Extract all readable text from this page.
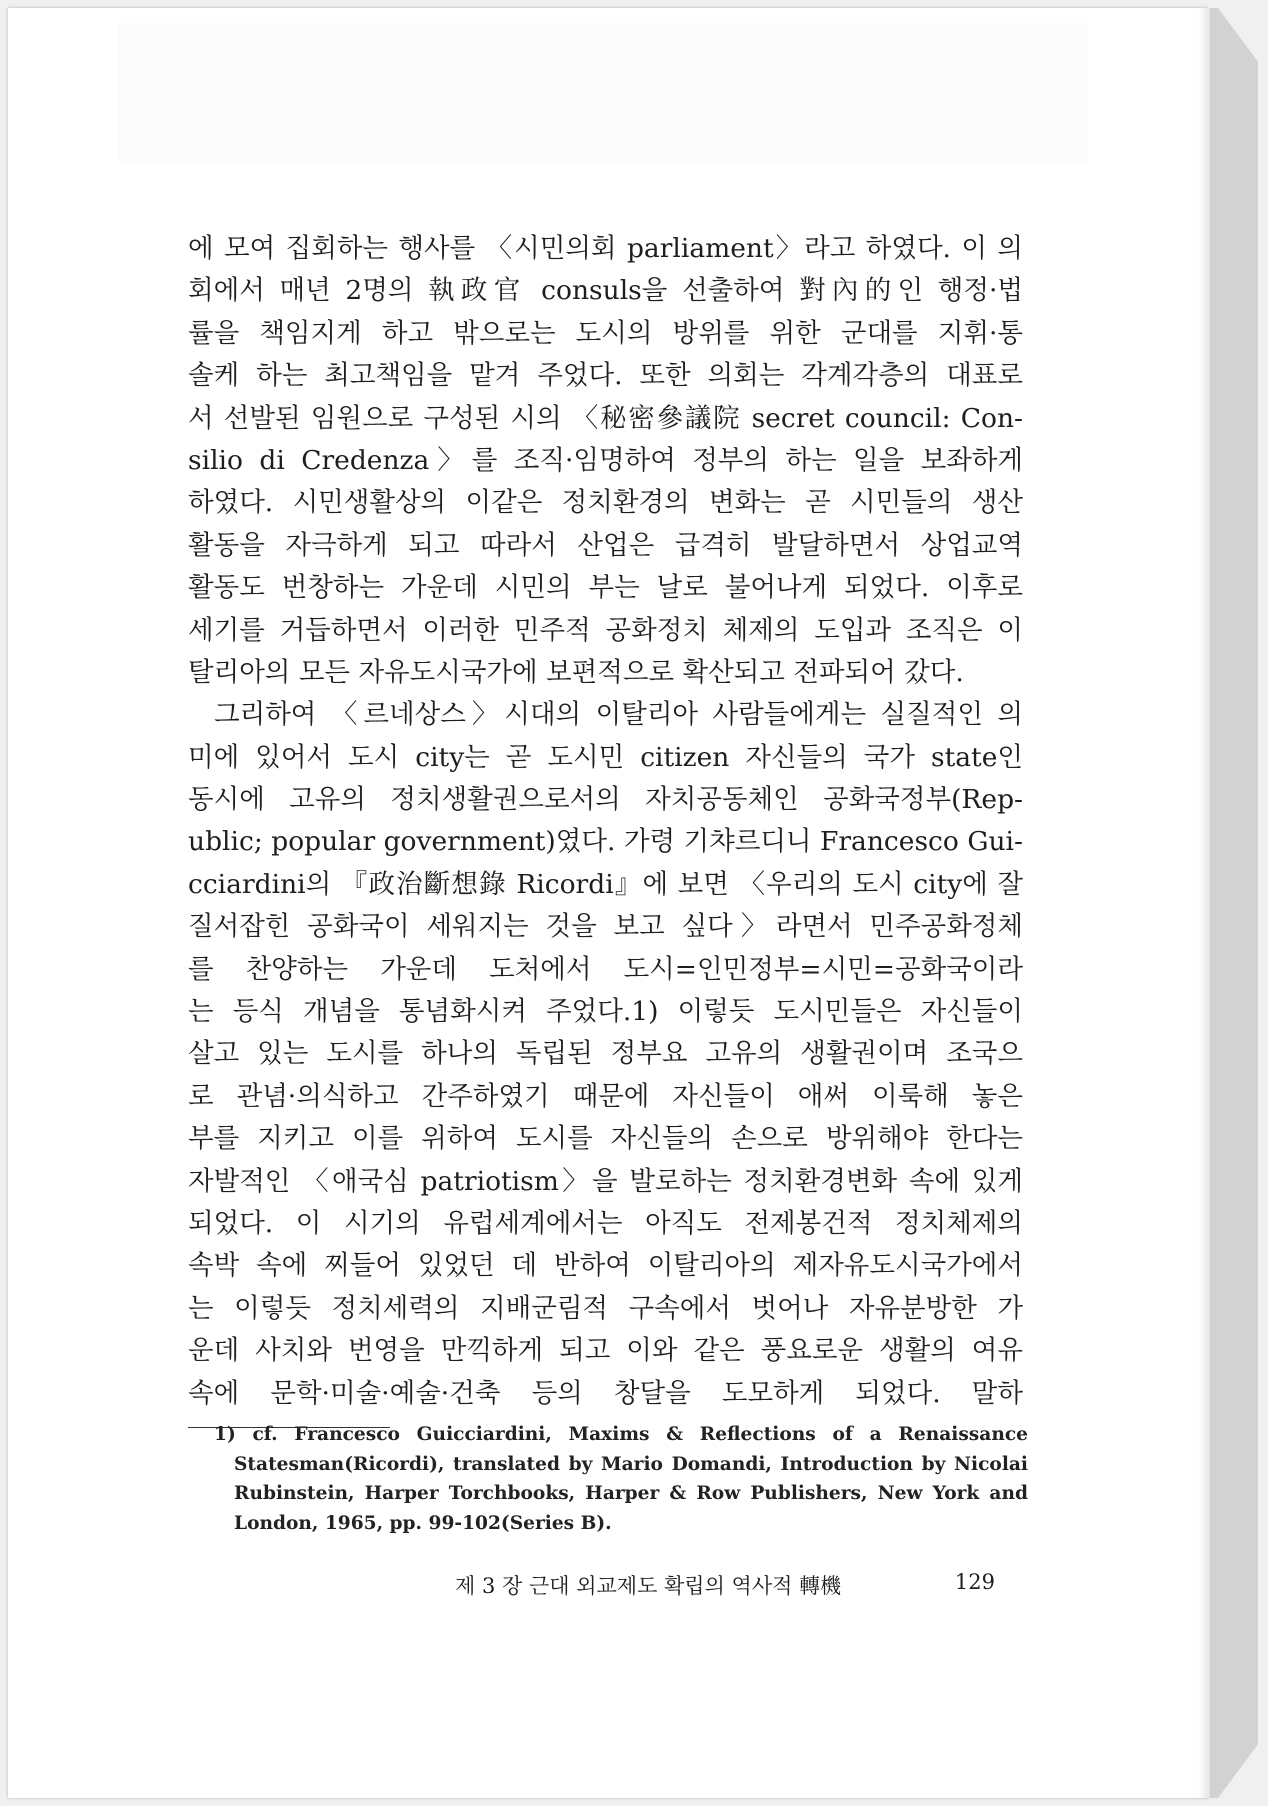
에 모여 집회하는 행사를 〈시민의회 parliament〉라고 하였다. 이 의
회에서 매년 2명의 執政官 consuls을 선출하여 對內的인 행정·법
률을 책임지게 하고 밖으로는 도시의 방위를 위한 군대를 지휘·통
솔케 하는 최고책임을 맡겨 주었다. 또한 의회는 각계각층의 대표로
서 선발된 임원으로 구성된 시의 〈秘密參議院 secret council: Con-
silio di Credenza〉를 조직·임명하여 정부의 하는 일을 보좌하게
하였다. 시민생활상의 이같은 정치환경의 변화는 곧 시민들의 생산
활동을 자극하게 되고 따라서 산업은 급격히 발달하면서 상업교역
활동도 번창하는 가운데 시민의 부는 날로 불어나게 되었다. 이후로
세기를 거듭하면서 이러한 민주적 공화정치 체제의 도입과 조직은 이
탈리아의 모든 자유도시국가에 보편적으로 확산되고 전파되어 갔다.
그리하여 〈르네상스〉시대의 이탈리아 사람들에게는 실질적인 의
미에 있어서 도시 city는 곧 도시민 citizen 자신들의 국가 state인
동시에 고유의 정치생활권으로서의 자치공동체인 공화국정부(Rep-
ublic; popular government)였다. 가령 기챠르디니 Francesco Gui-
cciardini의 『政治斷想錄 Ricordi』에 보면 〈우리의 도시 city에 잘
질서잡힌 공화국이 세워지는 것을 보고 싶다〉라면서 민주공화정체
를 찬양하는 가운데 도처에서 도시=인민정부=시민=공화국이라
는 등식 개념을 통념화시켜 주었다.1) 이렇듯 도시민들은 자신들이
살고 있는 도시를 하나의 독립된 정부요 고유의 생활권이며 조국으
로 관념·의식하고 간주하였기 때문에 자신들이 애써 이룩해 놓은
부를 지키고 이를 위하여 도시를 자신들의 손으로 방위해야 한다는
자발적인 〈애국심 patriotism〉을 발로하는 정치환경변화 속에 있게
되었다. 이 시기의 유럽세계에서는 아직도 전제봉건적 정치체제의
속박 속에 찌들어 있었던 데 반하여 이탈리아의 제자유도시국가에서
는 이렇듯 정치세력의 지배군림적 구속에서 벗어나 자유분방한 가
운데 사치와 번영을 만끽하게 되고 이와 같은 풍요로운 생활의 여유
속에 문학·미술·예술·건축 등의 창달을 도모하게 되었다. 말하
1) cf. Francesco Guicciardini, Maxims & Reflections of a Renaissance
Statesman(Ricordi), translated by Mario Domandi, Introduction by Nicolai
Rubinstein, Harper Torchbooks, Harper & Row Publishers, New York and
London, 1965, pp. 99-102(Series B).
제 3 장 근대 외교제도 확립의 역사적 轉機	129
